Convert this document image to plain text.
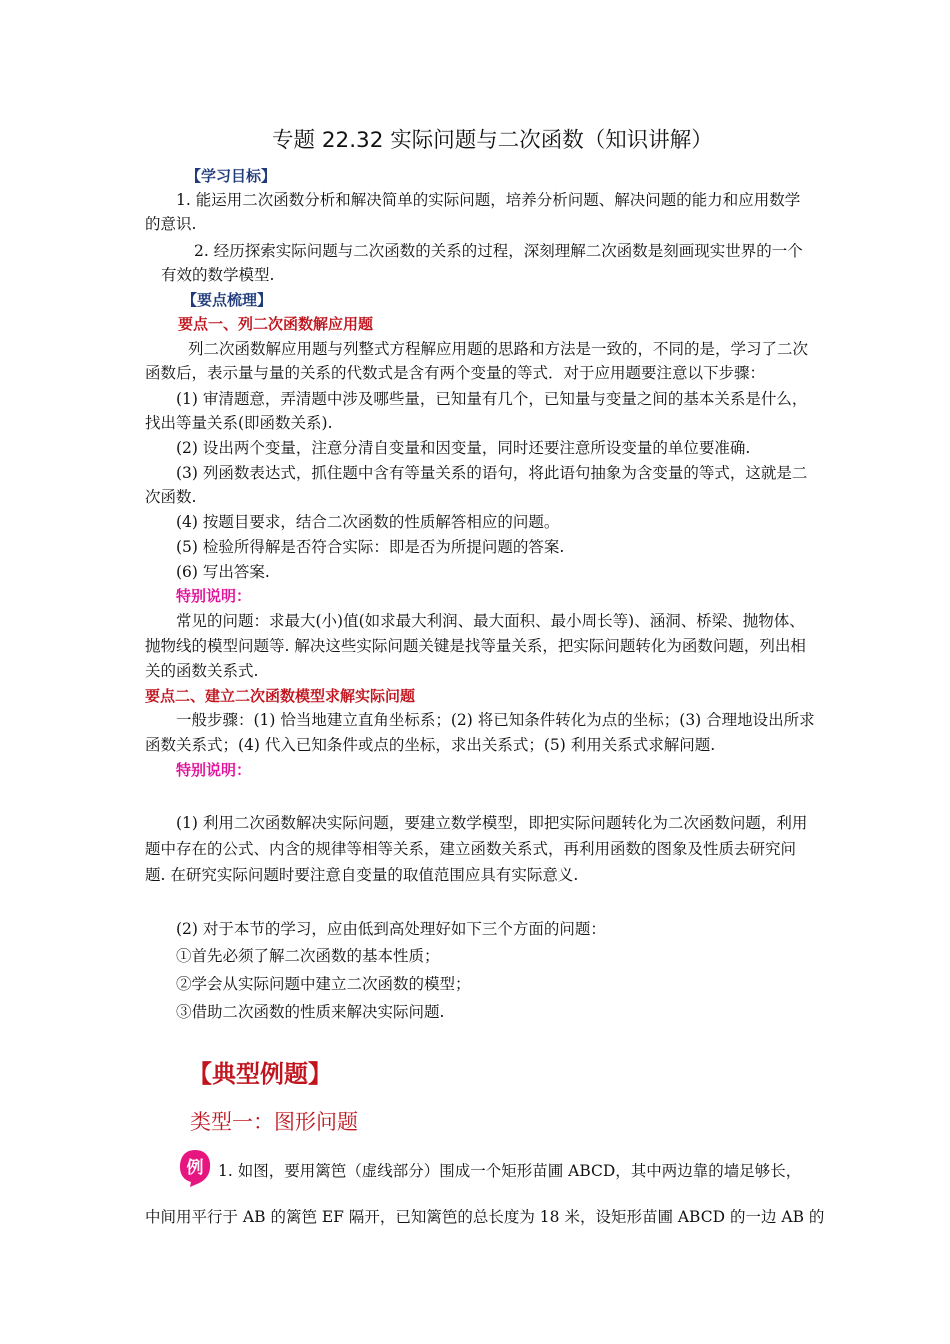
专题 22.32 实际问题与二次函数（知识讲解）
【学习目标】
1. 能运用二次函数分析和解决简单的实际问题，培养分析问题、解决问题的能力和应用数学
的意识.
2. 经历探索实际问题与二次函数的关系的过程，深刻理解二次函数是刻画现实世界的一个
有效的数学模型.
【要点梳理】
要点一、列二次函数解应用题
列二次函数解应用题与列整式方程解应用题的思路和方法是一致的，不同的是，学习了二次
函数后，表示量与量的关系的代数式是含有两个变量的等式．对于应用题要注意以下步骤：
(1) 审清题意，弄清题中涉及哪些量，已知量有几个，已知量与变量之间的基本关系是什么，
找出等量关系(即函数关系).
(2) 设出两个变量，注意分清自变量和因变量，同时还要注意所设变量的单位要准确.
(3) 列函数表达式，抓住题中含有等量关系的语句，将此语句抽象为含变量的等式，这就是二
次函数.
(4) 按题目要求，结合二次函数的性质解答相应的问题。
(5) 检验所得解是否符合实际：即是否为所提问题的答案.
(6) 写出答案.
特别说明：
常见的问题：求最大(小)值(如求最大利润、最大面积、最小周长等)、涵洞、桥梁、抛物体、
抛物线的模型问题等. 解决这些实际问题关键是找等量关系，把实际问题转化为函数问题，列出相
关的函数关系式.
要点二、建立二次函数模型求解实际问题
一般步骤：(1) 恰当地建立直角坐标系；(2) 将已知条件转化为点的坐标；(3) 合理地设出所求
函数关系式；(4) 代入已知条件或点的坐标，求出关系式；(5) 利用关系式求解问题.
特别说明：
(1) 利用二次函数解决实际问题，要建立数学模型，即把实际问题转化为二次函数问题，利用
题中存在的公式、内含的规律等相等关系，建立函数关系式，再利用函数的图象及性质去研究问
题. 在研究实际问题时要注意自变量的取值范围应具有实际意义.
(2) 对于本节的学习，应由低到高处理好如下三个方面的问题：
①首先必须了解二次函数的基本性质；
②学会从实际问题中建立二次函数的模型；
③借助二次函数的性质来解决实际问题.
【典型例题】
类型一：图形问题
例 1. 如图，要用篱笆（虚线部分）围成一个矩形苗圃 ABCD，其中两边靠的墙足够长，
中间用平行于 AB 的篱笆 EF 隔开，已知篱笆的总长度为 18 米，设矩形苗圃 ABCD 的一边 AB 的
